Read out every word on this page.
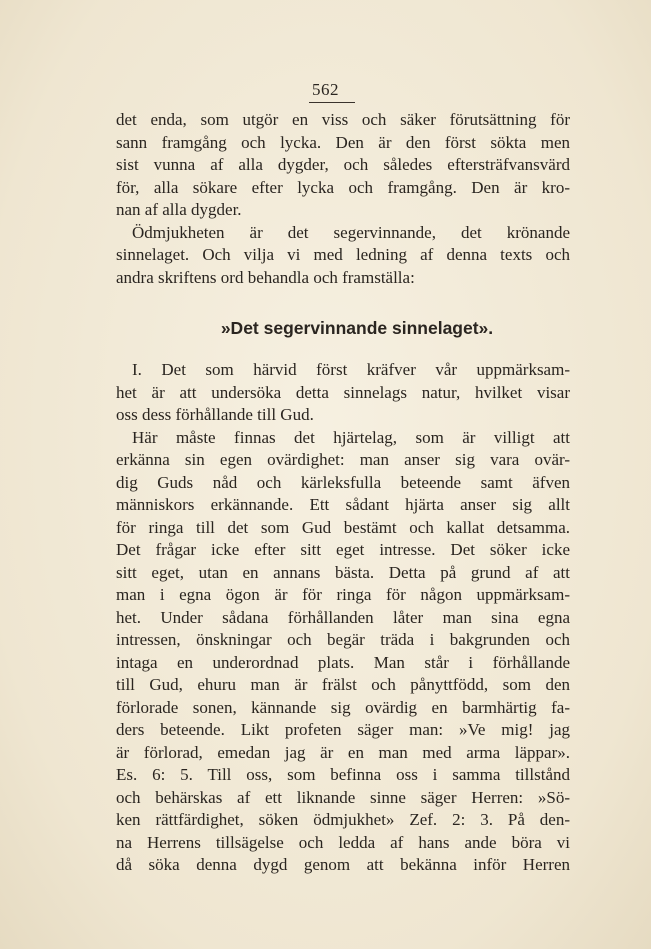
562
det enda, som utgör en viss och säker förutsättning för
sann framgång och lycka. Den är den först sökta men
sist vunna af alla dygder, och således eftersträfvansvärd
för, alla sökare efter lycka och framgång. Den är kro-
nan af alla dygder.
Ödmjukheten är det segervinnande, det krönande
sinnelaget. Och vilja vi med ledning af denna texts och
andra skriftens ord behandla och framställa:
»Det segervinnande sinnelaget».
I. Det som härvid först kräfver vår uppmärksam-
het är att undersöka detta sinnelags natur, hvilket visar
oss dess förhållande till Gud.
Här måste finnas det hjärtelag, som är villigt att
erkänna sin egen ovärdighet: man anser sig vara ovär-
dig Guds nåd och kärleksfulla beteende samt äfven
människors erkännande. Ett sådant hjärta anser sig allt
för ringa till det som Gud bestämt och kallat detsamma.
Det frågar icke efter sitt eget intresse. Det söker icke
sitt eget, utan en annans bästa. Detta på grund af att
man i egna ögon är för ringa för någon uppmärksam-
het. Under sådana förhållanden låter man sina egna
intressen, önskningar och begär träda i bakgrunden och
intaga en underordnad plats. Man står i förhållande
till Gud, ehuru man är frälst och pånyttfödd, som den
förlorade sonen, kännande sig ovärdig en barmhärtig fa-
ders beteende. Likt profeten säger man: »Ve mig! jag
är förlorad, emedan jag är en man med arma läppar».
Es. 6: 5. Till oss, som befinna oss i samma tillstånd
och behärskas af ett liknande sinne säger Herren: »Sö-
ken rättfärdighet, söken ödmjukhet» Zef. 2: 3. På den-
na Herrens tillsägelse och ledda af hans ande böra vi
då söka denna dygd genom att bekänna inför Herren
